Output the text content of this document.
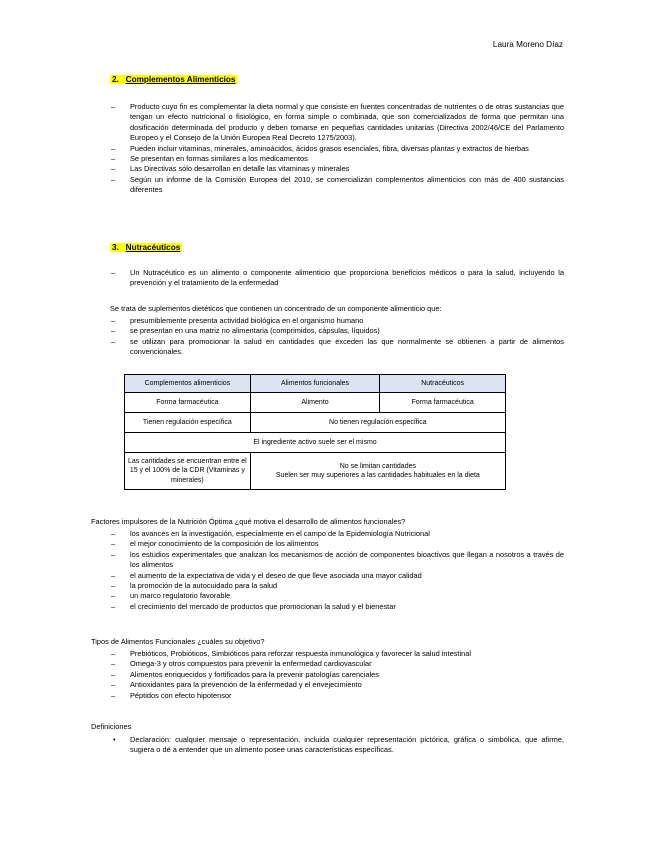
Laura Moreno Díaz
2. Complementos Alimenticios
– Producto cuyo fin es complementar la dieta normal y que consiste en fuentes concentradas de nutrientes o de otras sustancias que tengan un efecto nutricional o fisiológico, en forma simple o combinada, que son comercializados de forma que permitan una dosificación determinada del producto y deben tomarse en pequeñas cantidades unitarias (Directiva 2002/46/CE del Parlamento Europeo y el Consejo de la Unión Europea Real Decreto 1275/2003).
– Pueden incluir vitaminas, minerales, aminoácidos, ácidos grasos esenciales, fibra, diversas plantas y extractos de hierbas
– Se presentan en formas similares a los medicamentos
– Las Directivas sólo desarrollan en detalle las vitaminas y minerales
– Según un informe de la Comisión Europea del 2010, se comercializan complementos alimenticios con más de 400 sustancias diferentes
3. Nutracéuticos
– Un Nutracéutico es un alimento o componente alimenticio que proporciona beneficios médicos o para la salud, incluyendo la prevención y el tratamiento de la enfermedad
Se trata de suplementos dietéticos que contienen un concentrado de un componente alimenticio que:
– presumiblemente presenta actividad biológica en el organismo humano
– se presentan en una matriz no alimentaria (comprimidos, cápsulas, líquidos)
– se utilizan para promocionar la salud en cantidades que exceden las que normalmente se obtienen a partir de alimentos convencionales.
Complementos alimenticios	Alimentos funcionales	Nutracéuticos
Forma farmacéutica	Alimento	Forma farmacéutica
Tienen regulación específica	No tienen regulación específica	
El ingrediente activo suele ser el mismo		
Las cantidades se encuentran entre el 15 y el 100% de la CDR (Vitaminas y minerales)	No se limitan cantidades
Suelen ser muy superiores a las cantidades habituales en la dieta	
Factores impulsores de la Nutrición Óptima ¿qué motiva el desarrollo de alimentos funcionales?
– los avances en la investigación, especialmente en el campo de la Epidemiología Nutricional
– el mejor conocimiento de la composición de los alimentos
– los estudios experimentales que analizan los mecanismos de acción de componentes bioactivos que llegan a nosotros a través de los alimentos
– el aumento de la expectativa de vida y el deseo de que lleve asociada una mayor calidad
– la promoción de la autocuidado para la salud
– un marco regulatorio favorable
– el crecimiento del mercado de productos que promocionan la salud y el bienestar
Tipos de Alimentos Funcionales ¿cuáles su objetivo?
– Prebióticos, Probióticos, Simbióticos para reforzar respuesta inmunológica y favorecer la salud intestinal
– Omega-3 y otros compuestos para prevenir la enfermedad cardiovascular
– Alimentos enriquecidos y fortificados para la prevenir patologías carenciales
– Antioxidantes para la prevención de la enfermedad y el envejecimiento
– Péptidos con efecto hipotensor
Definiciones
• Declaración: cualquier mensaje o representación, incluida cualquier representación pictórica, gráfica o simbólica, que afirme, sugiera o dé a entender que un alimento posee unas características específicas.
